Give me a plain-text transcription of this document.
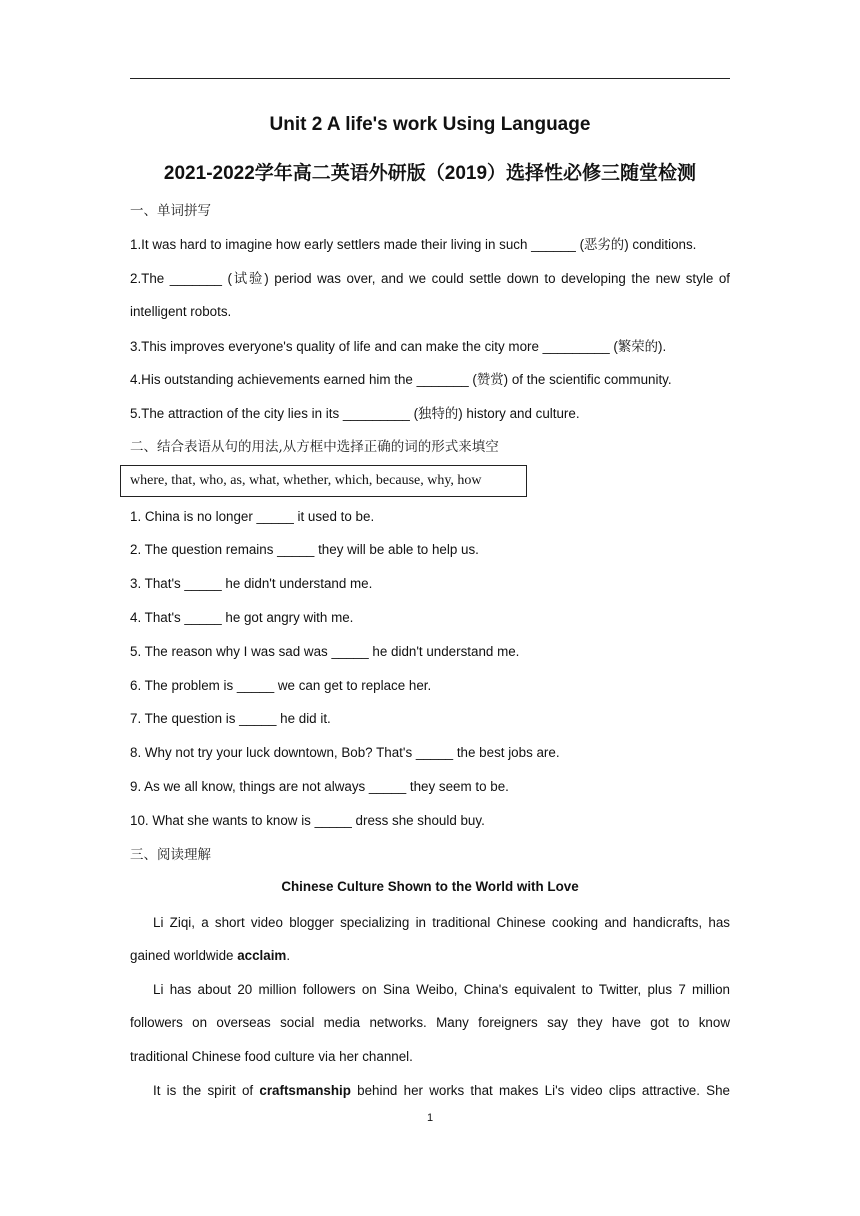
Unit 2 A life's work Using Language
2021-2022学年高二英语外研版（2019）选择性必修三随堂检测
一、单词拼写
1.It was hard to imagine how early settlers made their living in such ______ (恶劣的) conditions.
2.The _______ (试验) period was over, and we could settle down to developing the new style of
intelligent robots.
3.This improves everyone's quality of life and can make the city more _________ (繁荣的).
4.His outstanding achievements earned him the _______ (赞赏) of the scientific community.
5.The attraction of the city lies in its _________ (独特的) history and culture.
二、结合表语从句的用法,从方框中选择正确的词的形式来填空
where, that, who, as, what, whether, which, because, why, how
1. China is no longer _____ it used to be.
2. The question remains _____ they will be able to help us.
3. That's _____ he didn't understand me.
4. That's _____ he got angry with me.
5. The reason why I was sad was _____ he didn't understand me.
6. The problem is _____ we can get to replace her.
7. The question is _____ he did it.
8. Why not try your luck downtown, Bob? That's _____ the best jobs are.
9. As we all know, things are not always _____ they seem to be.
10. What she wants to know is _____ dress she should buy.
三、阅读理解
Chinese Culture Shown to the World with Love
Li Ziqi, a short video blogger specializing in traditional Chinese cooking and handicrafts, has
gained worldwide acclaim.
Li has about 20 million followers on Sina Weibo, China's equivalent to Twitter, plus 7 million
followers on overseas social media networks. Many foreigners say they have got to know
traditional Chinese food culture via her channel.
It is the spirit of craftsmanship behind her works that makes Li's video clips attractive. She
1
